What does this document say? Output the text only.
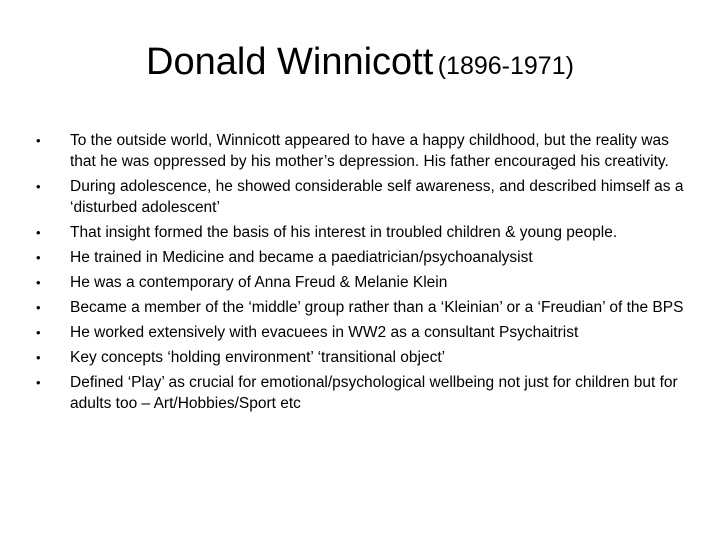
Donald Winnicott (1896-1971)
• To the outside world, Winnicott appeared to have a happy childhood, but the reality was that he was oppressed by his mother’s depression. His father encouraged his creativity.
• During adolescence, he showed considerable self awareness, and described himself as a ‘disturbed adolescent’
• That insight formed the basis of his interest in troubled children & young people.
• He trained in Medicine and became a paediatrician/psychoanalysist
• He was a contemporary of Anna Freud & Melanie Klein
• Became a member of the ‘middle’ group rather than a ‘Kleinian’ or a ‘Freudian’ of the BPS
• He worked extensively with evacuees in WW2 as a consultant Psychaitrist
• Key concepts ‘holding environment’ ‘transitional object’
• Defined ‘Play’ as crucial for emotional/psychological wellbeing not just for children but for adults too – Art/Hobbies/Sport etc
